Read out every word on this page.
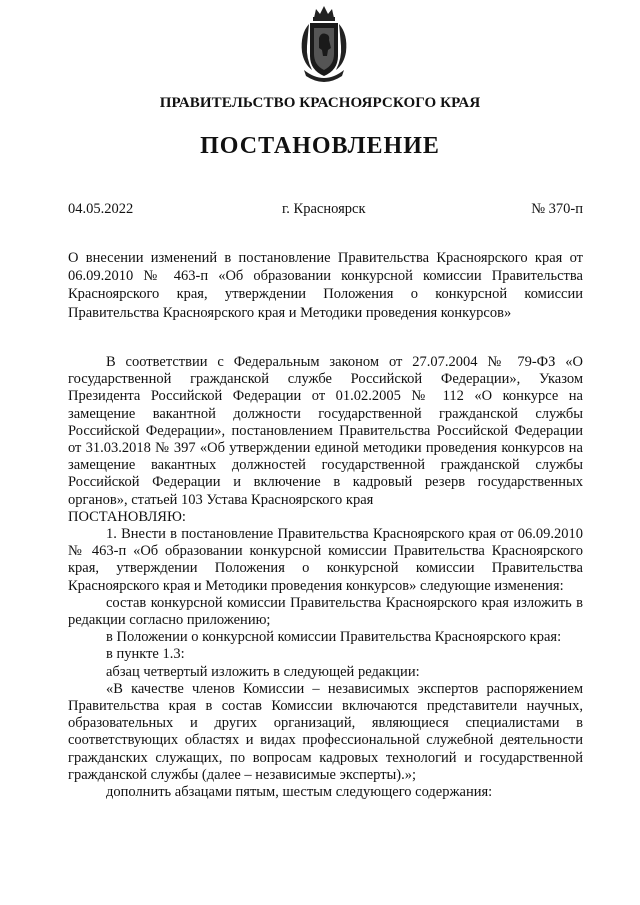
ПРАВИТЕЛЬСТВО КРАСНОЯРСКОГО КРАЯ
ПОСТАНОВЛЕНИЕ
04.05.2022	г. Красноярск	№ 370-п
О внесении изменений в постановление Правительства Красноярского края от 06.09.2010 № 463-п «Об образовании конкурсной комиссии Правительства Красноярского края, утверждении Положения о конкурсной комиссии Правительства Красноярского края и Методики проведения конкурсов»

В соответствии с Федеральным законом от 27.07.2004 № 79-ФЗ «О государственной гражданской службе Российской Федерации», Указом Президента Российской Федерации от 01.02.2005 № 112 «О конкурсе на замещение вакантной должности государственной гражданской службы Российской Федерации», постановлением Правительства Российской Федерации от 31.03.2018 № 397 «Об утверждении единой методики проведения конкурсов на замещение вакантных должностей государственной гражданской службы Российской Федерации и включение в кадровый резерв государственных органов», статьей 103 Устава Красноярского края

ПОСТАНОВЛЯЮ:

1. Внести в постановление Правительства Красноярского края от 06.09.2010 № 463-п «Об образовании конкурсной комиссии Правительства Красноярского края, утверждении Положения о конкурсной комиссии Правительства Красноярского края и Методики проведения конкурсов» следующие изменения:

состав конкурсной комиссии Правительства Красноярского края изложить в редакции согласно приложению;

в Положении о конкурсной комиссии Правительства Красноярского края:

в пункте 1.3:

абзац четвертый изложить в следующей редакции:

«В качестве членов Комиссии – независимых экспертов распоряжением Правительства края в состав Комиссии включаются представители научных, образовательных и других организаций, являющиеся специалистами в соответствующих областях и видах профессиональной служебной деятельности гражданских служащих, по вопросам кадровых технологий и государственной гражданской службы (далее – независимые эксперты).»;

дополнить абзацами пятым, шестым следующего содержания:
